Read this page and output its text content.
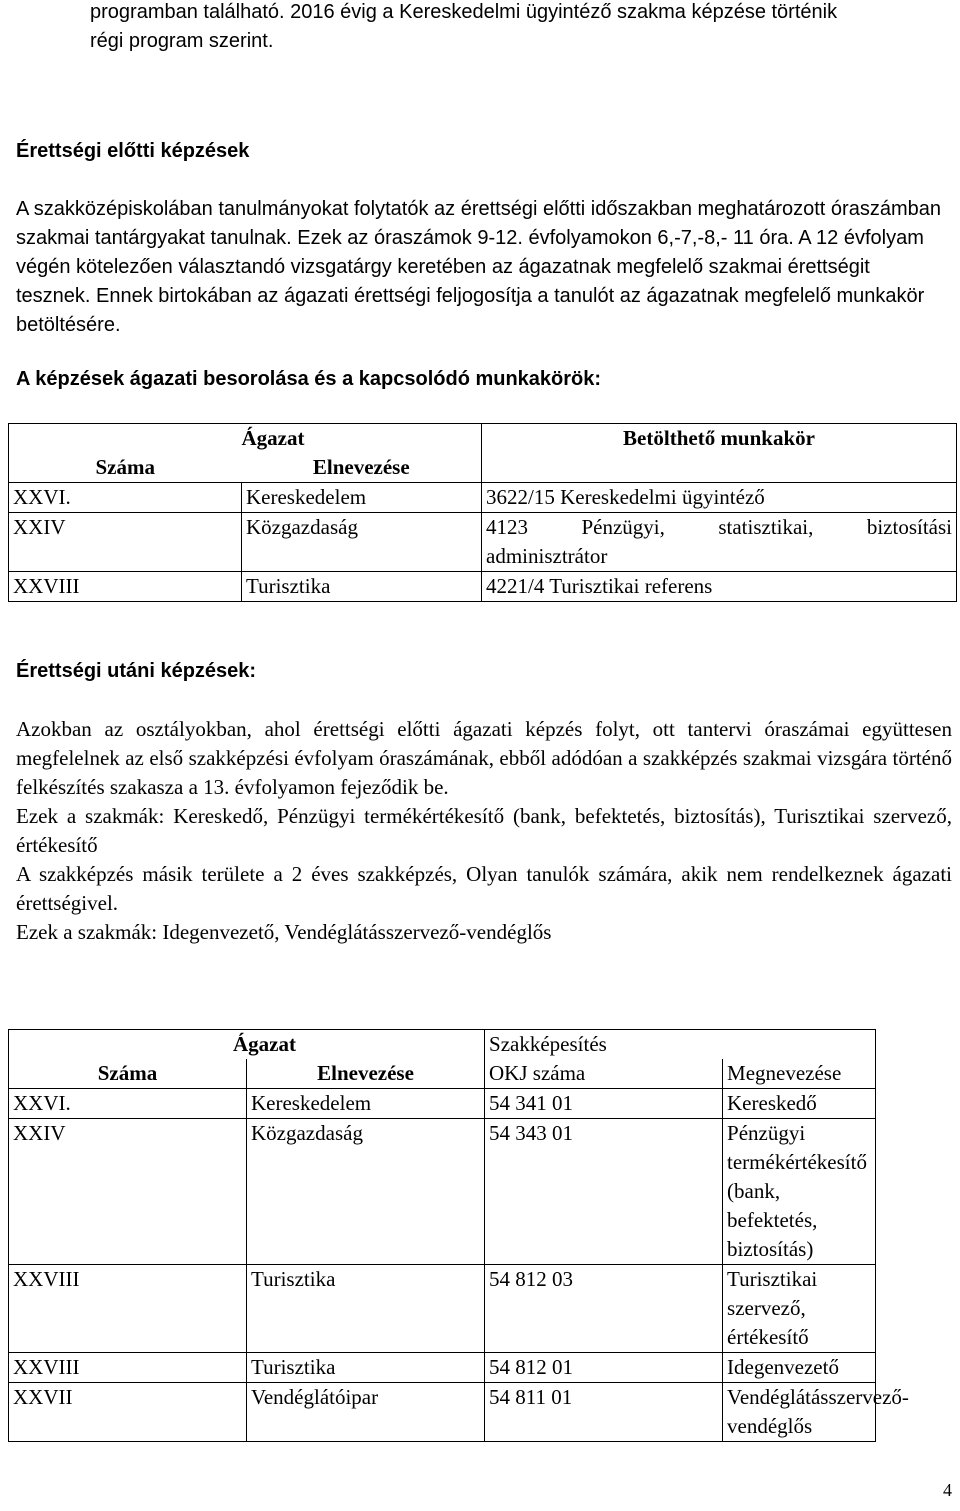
programban található. 2016 évig a Kereskedelmi ügyintéző szakma képzése történik
régi program szerint.
Érettségi előtti képzések

A szakközépiskolában tanulmányokat folytatók az érettségi előtti időszakban meghatározott óraszámban szakmai tantárgyakat tanulnak. Ezek az óraszámok 9-12. évfolyamokon 6,-7,-8,- 11 óra. A 12 évfolyam végén kötelezően választandó vizsgatárgy keretében az ágazatnak megfelelő szakmai érettségit tesznek. Ennek birtokában az ágazati érettségi feljogosítja a tanulót az ágazatnak megfelelő munkakör betöltésére.

A képzések ágazati besorolása és a kapcsolódó munkakörök:
Ágazat		Betölthető munkakör
Száma	Elnevezése	
XXVI.	Kereskedelem	3622/15 Kereskedelmi ügyintéző
XXIV	Közgazdaság	4123 Pénzügyi, statisztikai, biztosítási
adminisztrátor

XXVIII	Turisztika	4221/4 Turisztikai referens
Érettségi utáni képzések:

Azokban az osztályokban, ahol érettségi előtti ágazati képzés folyt, ott tantervi óraszámai együttesen megfelelnek az első szakképzési évfolyam óraszámának, ebből adódóan a szakképzés szakmai vizsgára történő felkészítés szakasza a 13. évfolyamon fejeződik be.

Ezek a szakmák: Kereskedő, Pénzügyi termékértékesítő (bank, befektetés, biztosítás), Turisztikai szervező, értékesítő

A szakképzés másik területe a 2 éves szakképzés, Olyan tanulók számára, akik nem rendelkeznek ágazati érettségivel.

Ezek a szakmák: Idegenvezető, Vendéglátásszervező-vendéglős

Ágazat		Szakképesítés	
Száma	Elnevezése	OKJ száma	Megnevezése
XXVI.	Kereskedelem	54 341 01	Kereskedő
XXIV	Közgazdaság	54 343 01	Pénzügyi termékértékesítő (bank, befektetés, biztosítás)
XXVIII	Turisztika	54 812 03	Turisztikai szervező, értékesítő
XXVIII	Turisztika	54 812 01	Idegenvezető
XXVII	Vendéglátóipar	54 811 01	Vendéglátásszervező-vendéglős
4
